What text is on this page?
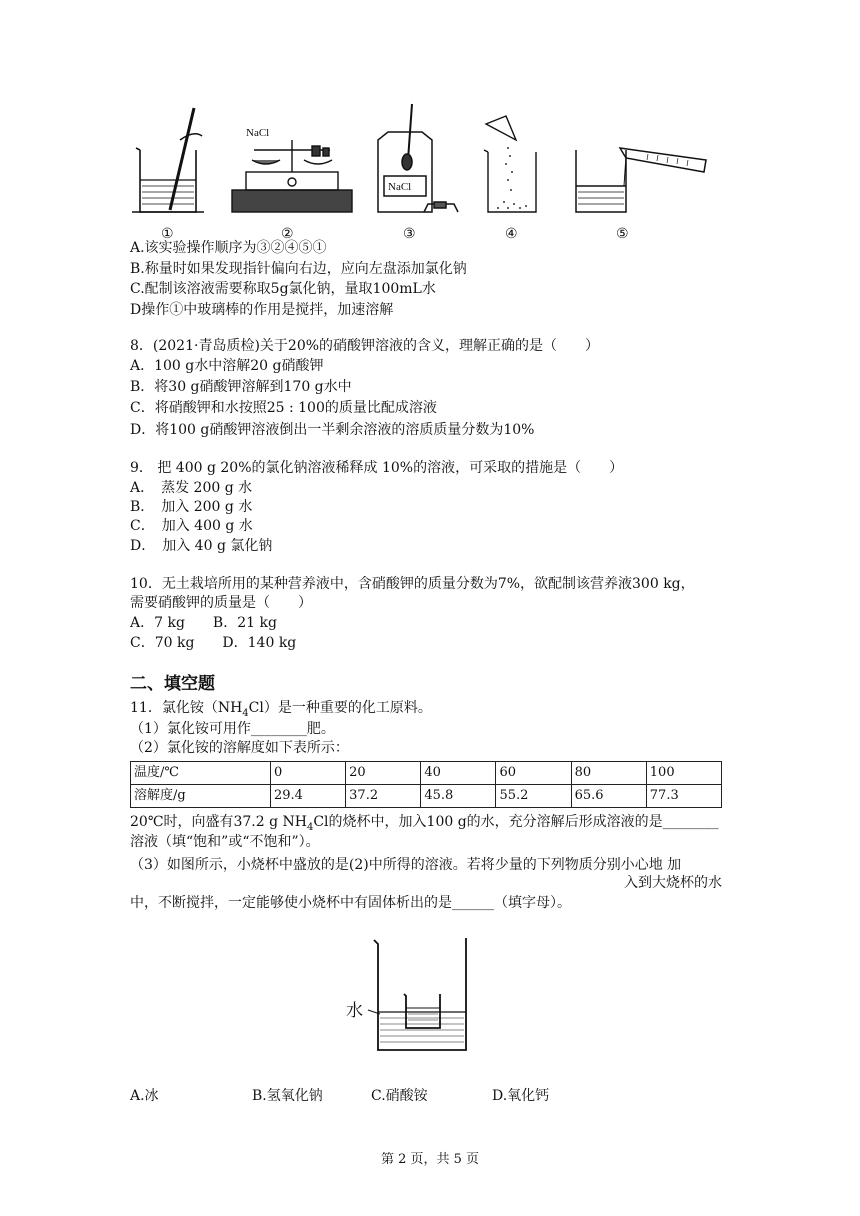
NaCl
NaCl
①	②	③	④	⑤
A.该实验操作顺序为③②④⑤①
B.称量时如果发现指针偏向右边，应向左盘添加氯化钠
C.配制该溶液需要称取5g氯化钠，量取100mL水
D操作①中玻璃棒的作用是搅拌，加速溶解
8．(2021·青岛质检)关于20%的硝酸钾溶液的含义，理解正确的是（　　）
A．100 g水中溶解20 g硝酸钾
B．将30 g硝酸钾溶解到170 g水中
C．将硝酸钾和水按照25 : 100的质量比配成溶液
D．将100 g硝酸钾溶液倒出一半剩余溶液的溶质质量分数为10%
9． 把 400 g 20%的氯化钠溶液稀释成 10%的溶液，可采取的措施是（　　）
A．　蒸发 200 g 水
B．　加入 200 g 水
C．　加入 400 g 水
D．　加入 40 g 氯化钠
10．无土栽培所用的某种营养液中，含硝酸钾的质量分数为7%，欲配制该营养液300 kg，
需要硝酸钾的质量是（　　）
A．7 kg　　B．21 kg
C．70 kg　　D．140 kg
二、填空题
11．氯化铵$(NH_4Cl)$是一种重要的化工原料。
（1）氯化铵可用作________肥。
（2）氯化铵的溶解度如下表所示：
温度/℃	0	20	40	60	80	100
溶解度/g	29.4	37.2	45.8	55.2	65.6	77.3
20℃时，向盛有37.2 g $NH_4Cl$的烧杯中，加入100 g的水，充分溶解后形成溶液的是________
溶液（填“饱和”或“不饱和”）。
（3）如图所示，小烧杯中盛放的是(2)中所得的溶液。若将少量的下列物质分别小心地 加
入到大烧杯的水
中，不断搅拌，一定能够使小烧杯中有固体析出的是______（填字母）。
水
A.冰	B.氢氧化钠	C.硝酸铵	D.氧化钙
第 2 页，共 5 页
